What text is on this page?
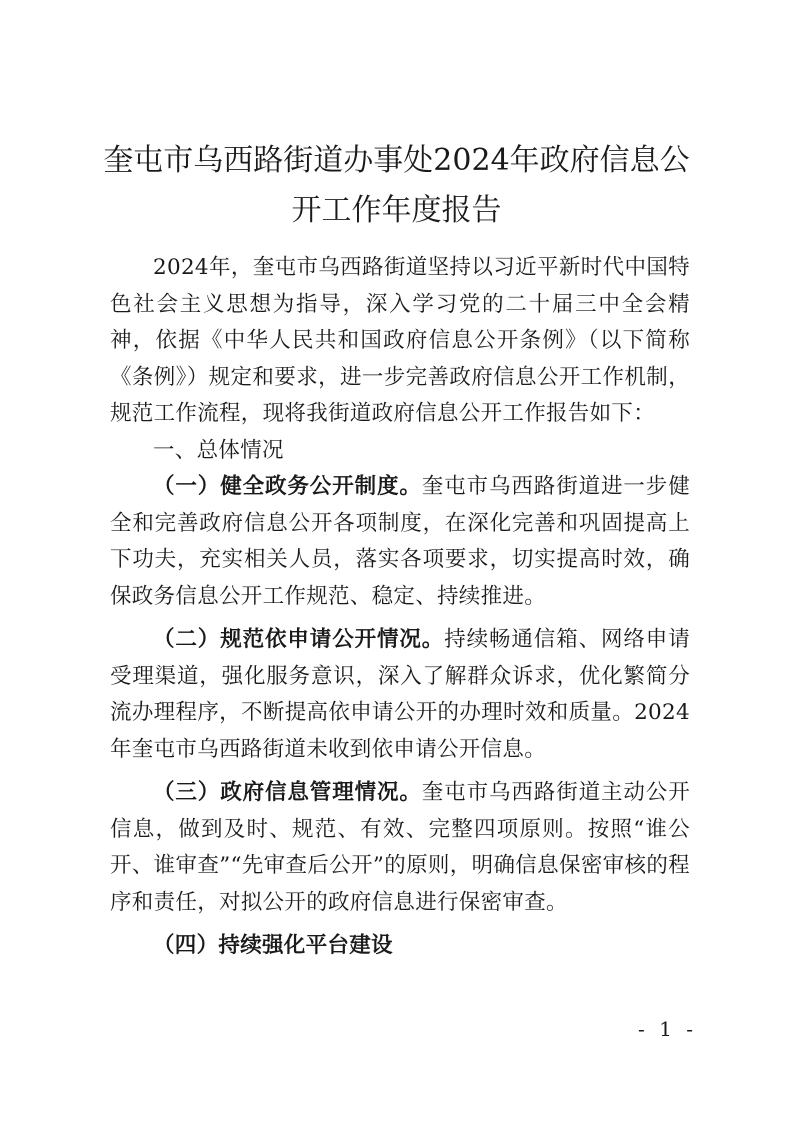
奎屯市乌西路街道办事处2024年政府信息公
开工作年度报告

2024年，奎屯市乌西路街道坚持以习近平新时代中国特色社会主义思想为指导，深入学习党的二十届三中全会精神，依据《中华人民共和国政府信息公开条例》（以下简称《条例》）规定和要求，进一步完善政府信息公开工作机制，规范工作流程，现将我街道政府信息公开工作报告如下：

一、总体情况

（一）健全政务公开制度。奎屯市乌西路街道进一步健全和完善政府信息公开各项制度，在深化完善和巩固提高上下功夫，充实相关人员，落实各项要求，切实提高时效，确保政务信息公开工作规范、稳定、持续推进。

（二）规范依申请公开情况。持续畅通信箱、网络申请受理渠道，强化服务意识，深入了解群众诉求，优化繁简分流办理程序，不断提高依申请公开的办理时效和质量。2024年奎屯市乌西路街道未收到依申请公开信息。

（三）政府信息管理情况。奎屯市乌西路街道主动公开信息，做到及时、规范、有效、完整四项原则。按照“谁公开、谁审查”“先审查后公开”的原则，明确信息保密审核的程序和责任，对拟公开的政府信息进行保密审查。

（四）持续强化平台建设

- 1 -
